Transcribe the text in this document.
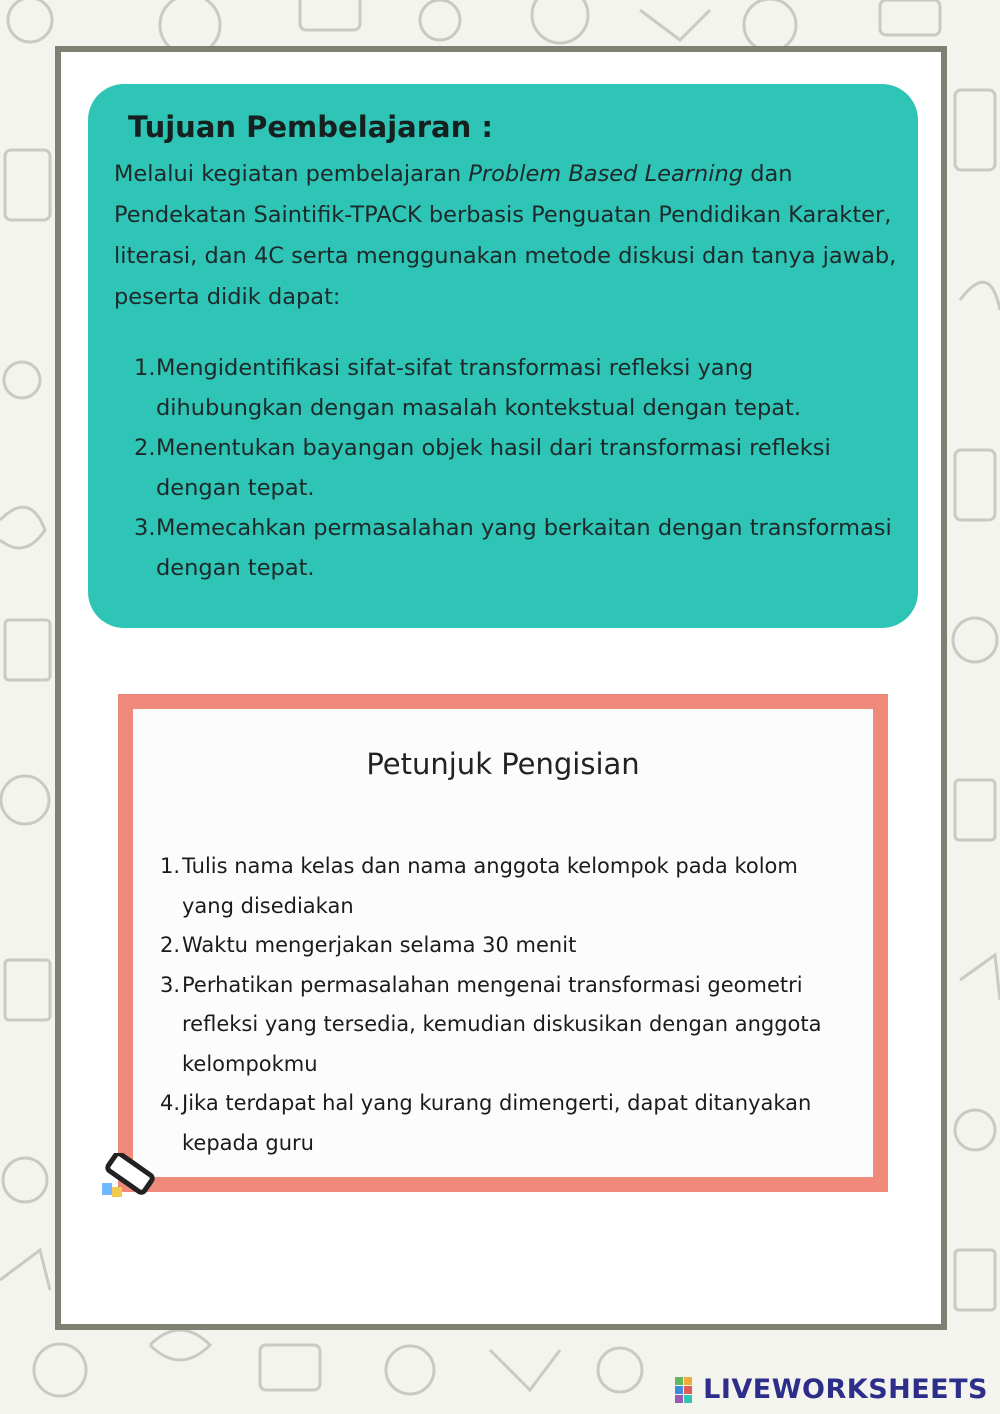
Tujuan Pembelajaran :
Melalui kegiatan pembelajaran Problem Based Learning dan Pendekatan Saintifik-TPACK berbasis Penguatan Pendidikan Karakter, literasi, dan 4C serta menggunakan metode diskusi dan tanya jawab, peserta didik dapat:
1. Mengidentifikasi sifat-sifat transformasi refleksi yang dihubungkan dengan masalah kontekstual dengan tepat.
2. Menentukan bayangan objek hasil dari transformasi refleksi dengan tepat.
3. Memecahkan permasalahan yang berkaitan dengan transformasi dengan tepat.
Petunjuk Pengisian
1. Tulis nama kelas dan nama anggota kelompok pada kolom yang disediakan
2. Waktu mengerjakan selama 30 menit
3. Perhatikan permasalahan mengenai transformasi geometri refleksi yang tersedia, kemudian diskusikan dengan anggota kelompokmu
4. Jika terdapat hal yang kurang dimengerti, dapat ditanyakan kepada guru
LIVEWORKSHEETS
